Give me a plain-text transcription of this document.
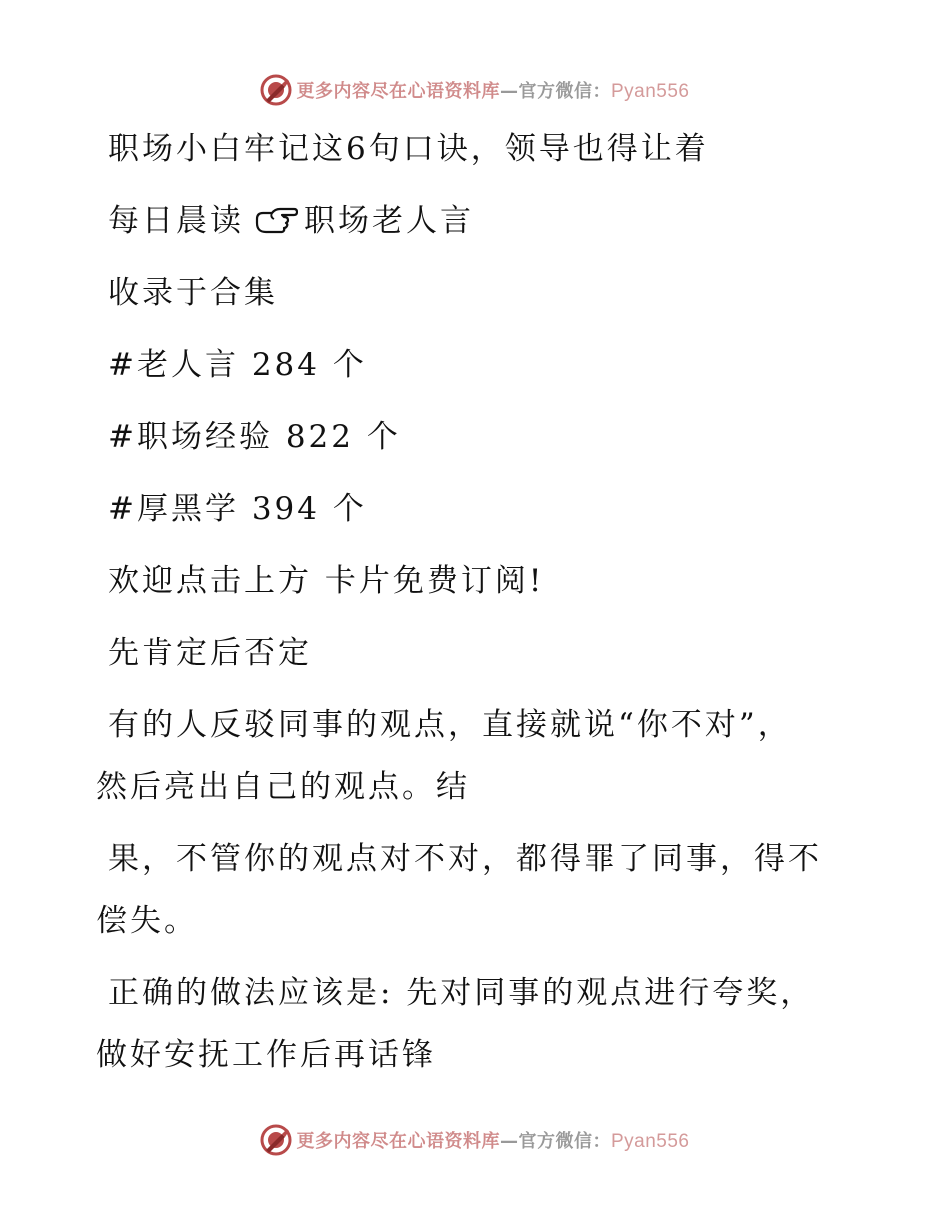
更多内容尽在心语资料库—官方微信：Pyan556
职场小白牢记这6句口诀，领导也得让着
每日晨读 职场老人言
收录于合集
#老人言 284 个
#职场经验 822 个
#厚黑学 394 个
欢迎点击上方 卡片免费订阅!
先肯定后否定
有的人反驳同事的观点，直接就说“你不对”，
然后亮出自己的观点。结
果，不管你的观点对不对，都得罪了同事，得不
偿失。
正确的做法应该是: 先对同事的观点进行夸奖，
做好安抚工作后再话锋
更多内容尽在心语资料库—官方微信：Pyan556
